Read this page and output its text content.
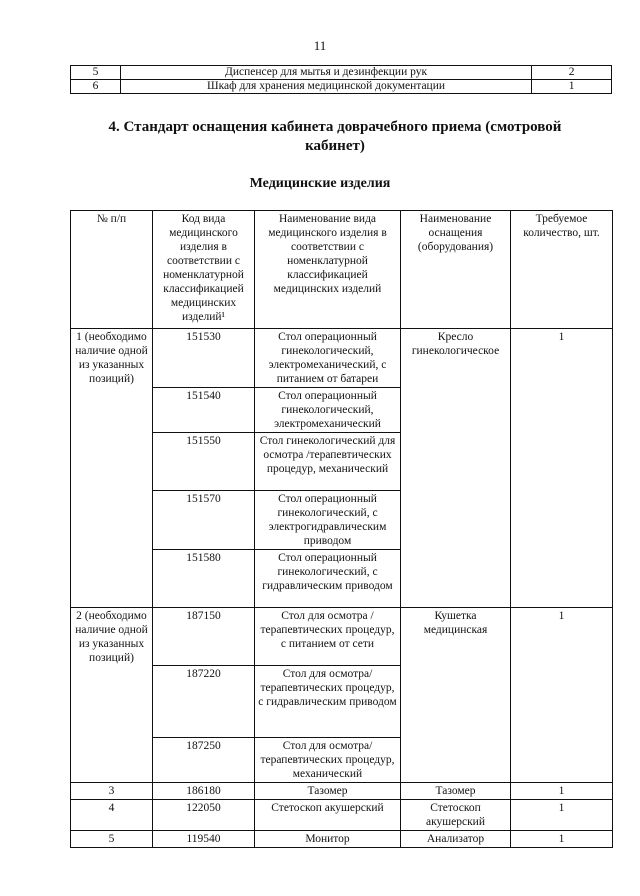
11
5	Диспенсер для мытья и дезинфекции рук	2
6	Шкаф для хранения медицинской документации	1
4. Стандарт оснащения кабинета доврачебного приема (смотровой кабинет)
Медицинские изделия
№ п/п	Код вида медицинского изделия в соответствии с номенклатурной классификацией медицинских изделий¹	Наименование вида медицинского изделия в соответствии с номенклатурной классификацией медицинских изделий	Наименование оснащения (оборудования)	Требуемое количество, шт.
1 (необходимо наличие одной из указанных позиций)	151530	Стол операционный гинекологический, электромеханический, с питанием от батареи	Кресло гинекологическое	1
	151540	Стол операционный гинекологический, электромеханический		
	151550	Стол гинекологический для осмотра /терапевтических процедур, механический		
	151570	Стол операционный гинекологический, с электрогидравлическим приводом		
	151580	Стол операционный гинекологический, с гидравлическим приводом		
2 (необходимо наличие одной из указанных позиций)	187150	Стол для осмотра /терапевтических процедур, с питанием от сети	Кушетка медицинская	1
	187220	Стол для осмотра/ терапевтических процедур, с гидравлическим приводом		
	187250	Стол для осмотра/ терапевтических процедур, механический		
3	186180	Тазомер	Тазомер	1
4	122050	Стетоскоп акушерский	Стетоскоп акушерский	1
5	119540	Монитор	Анализатор	1
